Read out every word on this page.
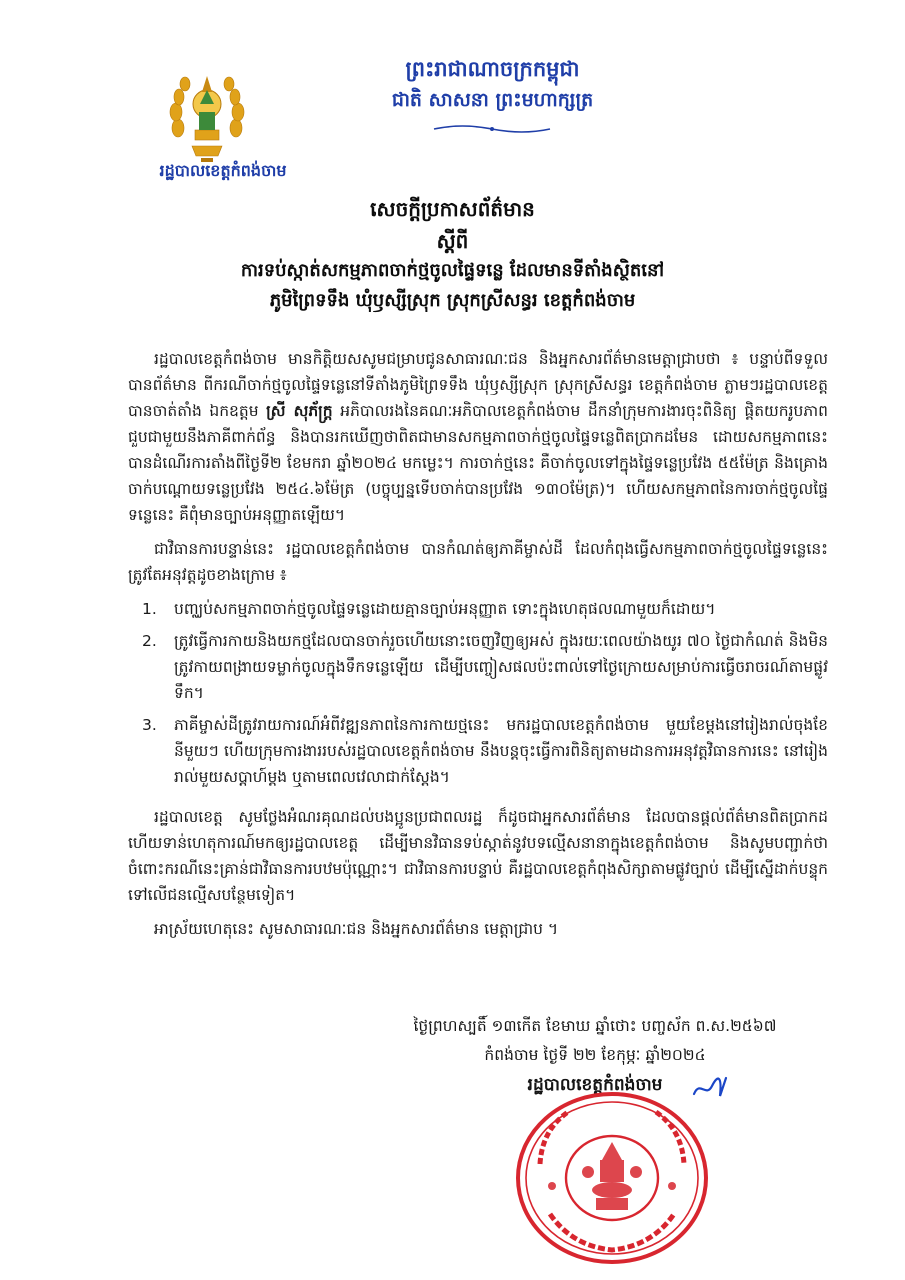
រដ្ឋបាលខេត្តកំពង់ចាម
ព្រះរាជាណាចក្រកម្ពុជា
ជាតិ សាសនា ព្រះមហាក្សត្រ
សេចក្តីប្រកាសព័ត៌មាន
ស្តីពី
ការទប់ស្កាត់សកម្មភាពចាក់ថ្មចូលផ្ទៃទន្លេ ដែលមានទីតាំងស្ថិតនៅ
ភូមិព្រៃទទឹង ឃុំឫស្សីស្រុក ស្រុកស្រីសន្ធរ ខេត្តកំពង់ចាម

រដ្ឋបាលខេត្តកំពង់ចាម មានកិត្តិយសសូមជម្រាបជូនសាធារណៈជន និងអ្នកសារព័ត៌មានមេត្តាជ្រាបថា ៖ បន្ទាប់ពីទទួលបានព័ត៌មាន ពីករណីចាក់ថ្មចូលផ្ទៃទន្លេនៅទីតាំងភូមិព្រៃទទឹង ឃុំឫស្សីស្រុក ស្រុកស្រីសន្ធរ ខេត្តកំពង់ចាម ភ្លាមៗរដ្ឋបាលខេត្ត បានចាត់តាំង ឯកឧត្តម ស្រី សុភ័ក្ត្រ អភិបាលរងនៃគណៈអភិបាលខេត្តកំពង់ចាម ដឹកនាំក្រុមការងារចុះពិនិត្យ ផ្តិតយករូបភាព ជួបជាមួយនឹងភាគីពាក់ព័ន្ធ និងបានរកឃើញថាពិតជាមានសកម្មភាពចាក់ថ្មចូលផ្ទៃទន្លេពិតប្រាកដមែន ដោយសកម្មភាពនេះបានដំណើរការតាំងពីថ្ងៃទី២ ខែមករា ឆ្នាំ២០២៤ មកម្លេះ។ ការចាក់ថ្មនេះ គឺចាក់ចូលទៅក្នុងផ្ទៃទន្លេប្រវែង ៥៥ម៉ែត្រ និងគ្រោងចាក់បណ្តោយទន្លេប្រវែង ២៥៤.៦ម៉ែត្រ (បច្ចុប្បន្នទើបចាក់បានប្រវែង ១៣០ម៉ែត្រ)។ ហើយសកម្មភាពនៃការចាក់ថ្មចូលផ្ទៃទន្លេនេះ គឺពុំមានច្បាប់អនុញ្ញាតឡើយ។

ជាវិធានការបន្ទាន់នេះ រដ្ឋបាលខេត្តកំពង់ចាម បានកំណត់ឲ្យភាគីម្ចាស់ដី ដែលកំពុងធ្វើសកម្មភាពចាក់ថ្មចូលផ្ទៃទន្លេនេះ ត្រូវតែអនុវត្តដូចខាងក្រោម ៖

1. បញ្ឈប់សកម្មភាពចាក់ថ្មចូលផ្ទៃទន្លេដោយគ្មានច្បាប់អនុញ្ញាត ទោះក្នុងហេតុផលណាមួយក៏ដោយ។
2. ត្រូវធ្វើការកាយនិងយកថ្មដែលបានចាក់រួចហើយនោះចេញវិញឲ្យអស់ ក្នុងរយៈពេលយ៉ាងយូរ ៧០ ថ្ងៃជាកំណត់ និងមិនត្រូវកាយពង្រាយទម្លាក់ចូលក្នុងទឹកទន្លេឡើយ ដើម្បីបញ្ចៀសផលប៉ះពាល់ទៅថ្ងៃក្រោយសម្រាប់ការធ្វើចរាចរណ៍តាមផ្លូវទឹក។
3. ភាគីម្ចាស់ដីត្រូវរាយការណ៍អំពីវឌ្ឍនភាពនៃការកាយថ្មនេះ មករដ្ឋបាលខេត្តកំពង់ចាម មួយខែម្តងនៅរៀងរាល់ចុងខែនីមួយៗ ហើយក្រុមការងាររបស់រដ្ឋបាលខេត្តកំពង់ចាម នឹងបន្តចុះធ្វើការពិនិត្យតាមដានការអនុវត្តវិធានការនេះ នៅរៀងរាល់មួយសប្តាហ៍ម្តង ឬតាមពេលវេលាជាក់ស្តែង។

រដ្ឋបាលខេត្ត សូមថ្លែងអំណរគុណដល់បងប្អូនប្រជាពលរដ្ឋ ក៏ដូចជាអ្នកសារព័ត៌មាន ដែលបានផ្តល់ព័ត៌មានពិតប្រាកដ ហើយទាន់ហេតុការណ៍មកឲ្យរដ្ឋបាលខេត្ត ដើម្បីមានវិធានទប់ស្កាត់នូវបទល្មើសនានាក្នុងខេត្តកំពង់ចាម និងសូមបញ្ជាក់ថា ចំពោះករណីនេះគ្រាន់ជាវិធានការបឋមប៉ុណ្ណោះ។ ជាវិធានការបន្ទាប់ គឺរដ្ឋបាលខេត្តកំពុងសិក្សាតាមផ្លូវច្បាប់ ដើម្បីស្នើដាក់បន្ទុកទៅលើជនល្មើសបន្ថែមទៀត។

អាស្រ័យហេតុនេះ សូមសាធារណៈជន និងអ្នកសារព័ត៌មាន មេត្តាជ្រាប ។

ថ្ងៃព្រហស្បតិ៍ ១៣កើត ខែមាឃ ឆ្នាំថោះ បញ្ចស័ក ព.ស.២៥៦៧
កំពង់ចាម ថ្ងៃទី ២២ ខែកុម្ភៈ ឆ្នាំ២០២៤
រដ្ឋបាលខេត្តកំពង់ចាម
